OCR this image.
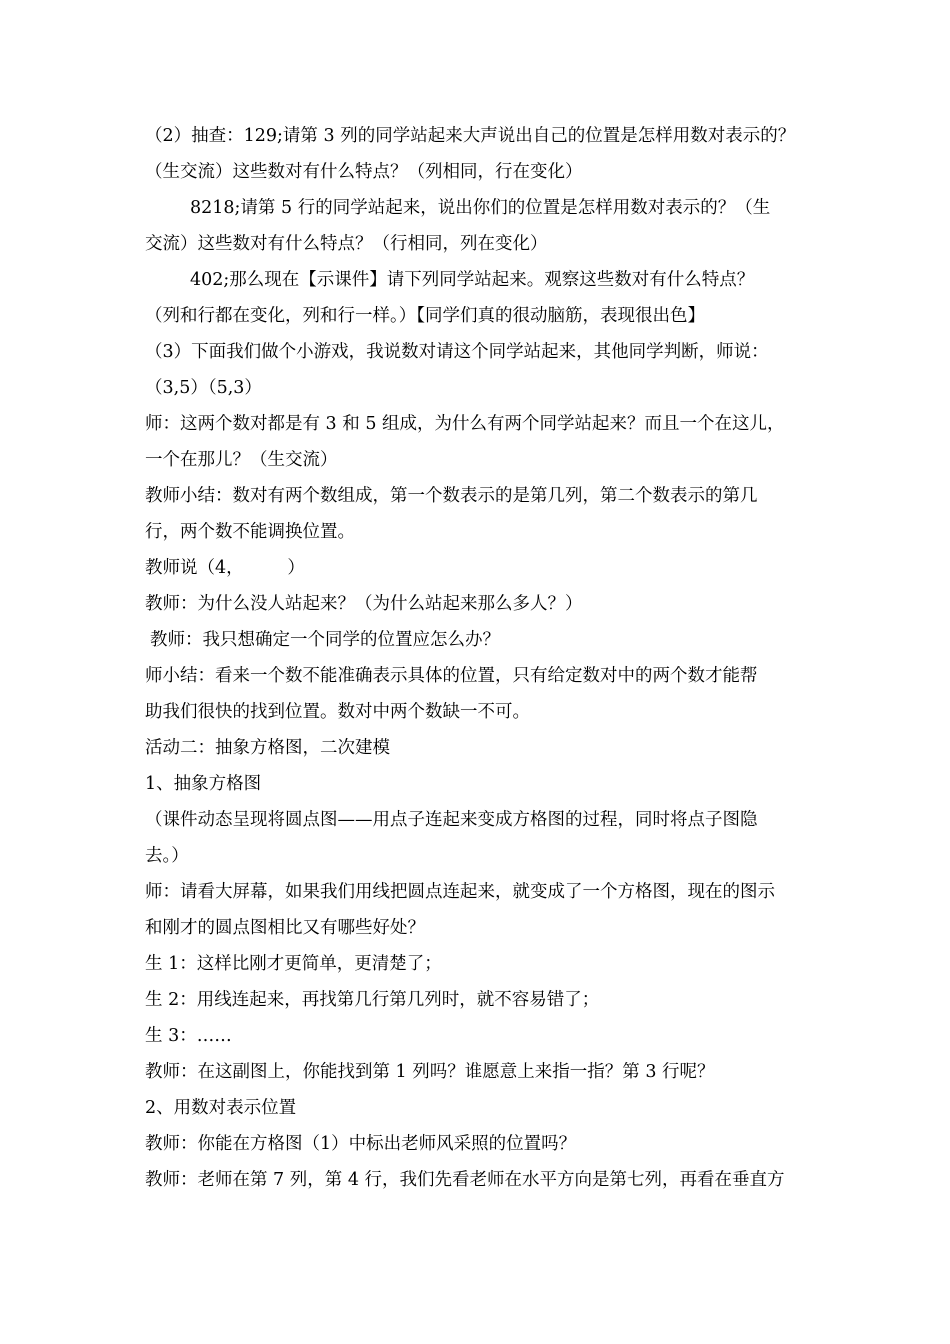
（2）抽查：129;请第 3 列的同学站起来大声说出自己的位置是怎样用数对表示的？
（生交流）这些数对有什么特点？（列相同，行在变化）
8218;请第 5 行的同学站起来，说出你们的位置是怎样用数对表示的？（生
交流）这些数对有什么特点？（行相同，列在变化）
402;那么现在【示课件】请下列同学站起来。观察这些数对有什么特点？
（列和行都在变化，列和行一样。）【同学们真的很动脑筋，表现很出色】
（3）下面我们做个小游戏，我说数对请这个同学站起来，其他同学判断，师说：
（3,5）（5,3）
师：这两个数对都是有 3 和 5 组成，为什么有两个同学站起来？而且一个在这儿，
一个在那儿？（生交流）
教师小结：数对有两个数组成，第一个数表示的是第几列，第二个数表示的第几
行，两个数不能调换位置。
教师说（4，　　　）
教师：为什么没人站起来？（为什么站起来那么多人？）
教师：我只想确定一个同学的位置应怎么办？
师小结：看来一个数不能准确表示具体的位置，只有给定数对中的两个数才能帮
助我们很快的找到位置。数对中两个数缺一不可。
活动二：抽象方格图，二次建模
1、抽象方格图
（课件动态呈现将圆点图——用点子连起来变成方格图的过程，同时将点子图隐
去。）
师：请看大屏幕，如果我们用线把圆点连起来，就变成了一个方格图，现在的图示
和刚才的圆点图相比又有哪些好处？
生 1：这样比刚才更简单，更清楚了；
生 2：用线连起来，再找第几行第几列时，就不容易错了；
生 3：……
教师：在这副图上，你能找到第 1 列吗？谁愿意上来指一指？第 3 行呢？
2、用数对表示位置
教师：你能在方格图（1）中标出老师风采照的位置吗？
教师：老师在第 7 列，第 4 行，我们先看老师在水平方向是第七列，再看在垂直方
